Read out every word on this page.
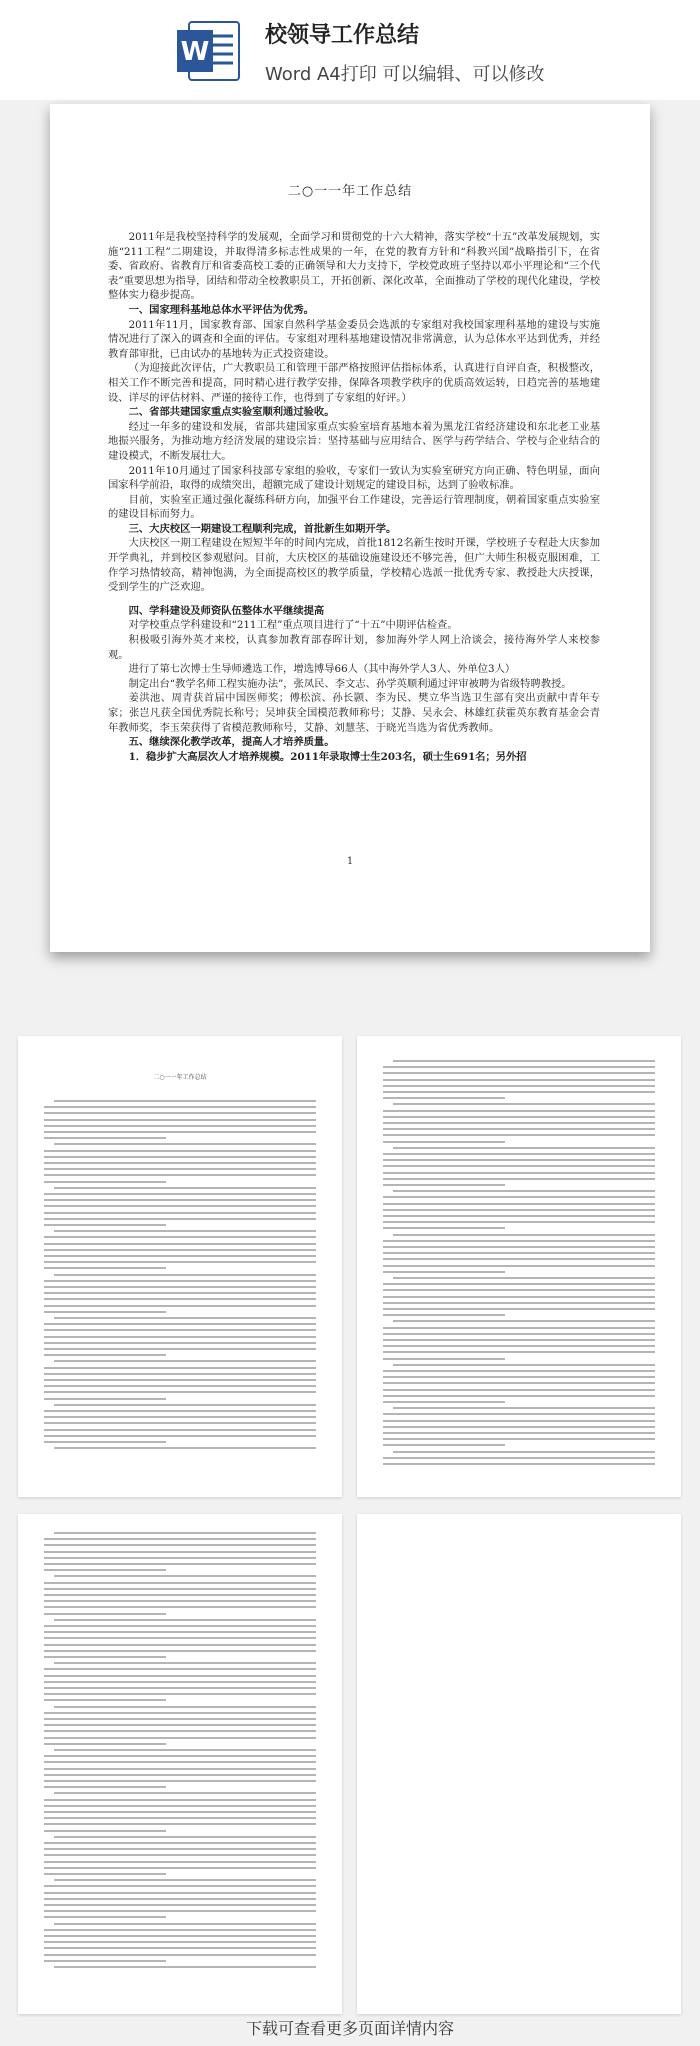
W
校领导工作总结
Word A4打印 可以编辑、可以修改
二○一一年工作总结

2011年是我校坚持科学的发展观，全面学习和贯彻党的十六大精神，落实学校“十五”改革发展规划，实施“211工程”二期建设，并取得清多标志性成果的一年，在党的教育方针和“科教兴国”战略指引下，在省委、省政府、省教育厅和省委高校工委的正确领导和大力支持下，学校党政班子坚持以邓小平理论和“三个代表”重要思想为指导，团结和带动全校教职员工，开拓创新、深化改革，全面推动了学校的现代化建设，学校整体实力稳步提高。

一、国家理科基地总体水平评估为优秀。

2011年11月，国家教育部、国家自然科学基金委员会选派的专家组对我校国家理科基地的建设与实施情况进行了深入的调查和全面的评估。专家组对理科基地建设情况非常满意，认为总体水平达到优秀，并经教育部审批，已由试办的基地转为正式投资建设。

（为迎接此次评估，广大教职员工和管理干部严格按照评估指标体系，认真进行自评自查，积极整改，相关工作不断完善和提高，同时精心进行教学安排，保障各项教学秩序的优质高效运转，日趋完善的基地建设、详尽的评估材料、严谨的接待工作，也得到了专家组的好评。）

二、省部共建国家重点实验室顺利通过验收。

经过一年多的建设和发展，省部共建国家重点实验室培育基地本着为黑龙江省经济建设和东北老工业基地振兴服务，为推动地方经济发展的建设宗旨：坚持基础与应用结合、医学与药学结合、学校与企业结合的建设模式，不断发展壮大。

2011年10月通过了国家科技部专家组的验收，专家们一致认为实验室研究方向正确、特色明显，面向国家科学前沿，取得的成绩突出，超额完成了建设计划规定的建设目标，达到了验收标准。

目前，实验室正通过强化凝练科研方向，加强平台工作建设，完善运行管理制度，朝着国家重点实验室的建设目标而努力。

三、大庆校区一期建设工程顺利完成，首批新生如期开学。

大庆校区一期工程建设在短短半年的时间内完成，首批1812名新生按时开课，学校班子专程赴大庆参加开学典礼，并到校区参观慰问。目前，大庆校区的基础设施建设还不够完善，但广大师生积极克服困难，工作学习热情较高，精神饱满，为全面提高校区的教学质量，学校精心选派一批优秀专家、教授赴大庆授课，受到学生的广泛欢迎。

四、学科建设及师资队伍整体水平继续提高

对学校重点学科建设和“211工程”重点项目进行了“十五”中期评估检查。

积极吸引海外英才来校，认真参加教育部春晖计划，参加海外学人网上洽谈会，接待海外学人来校参观。

进行了第七次博士生导师遴选工作，增选博导66人（其中海外学人3人、外单位3人）

制定出台“教学名师工程实施办法”，张凤民、李文志、孙学英顺利通过评审被聘为省级特聘教授。

姜洪池、周青获首届中国医师奖；傅松滨、孙长颢、李为民、樊立华当选卫生部有突出贡献中青年专家；张岂凡获全国优秀院长称号；吴坤获全国模范教师称号；艾静、吴永会、林雄红获霍英东教育基金会青年教师奖，李玉荣获得了省模范教师称号，艾静、刘慧茎、于晓光当选为省优秀教师。

五、继续深化教学改革，提高人才培养质量。

1．稳步扩大高层次人才培养规模。2011年录取博士生203名，硕士生691名；另外招

1
二○一一年工作总结
下载可查看更多页面详情内容
